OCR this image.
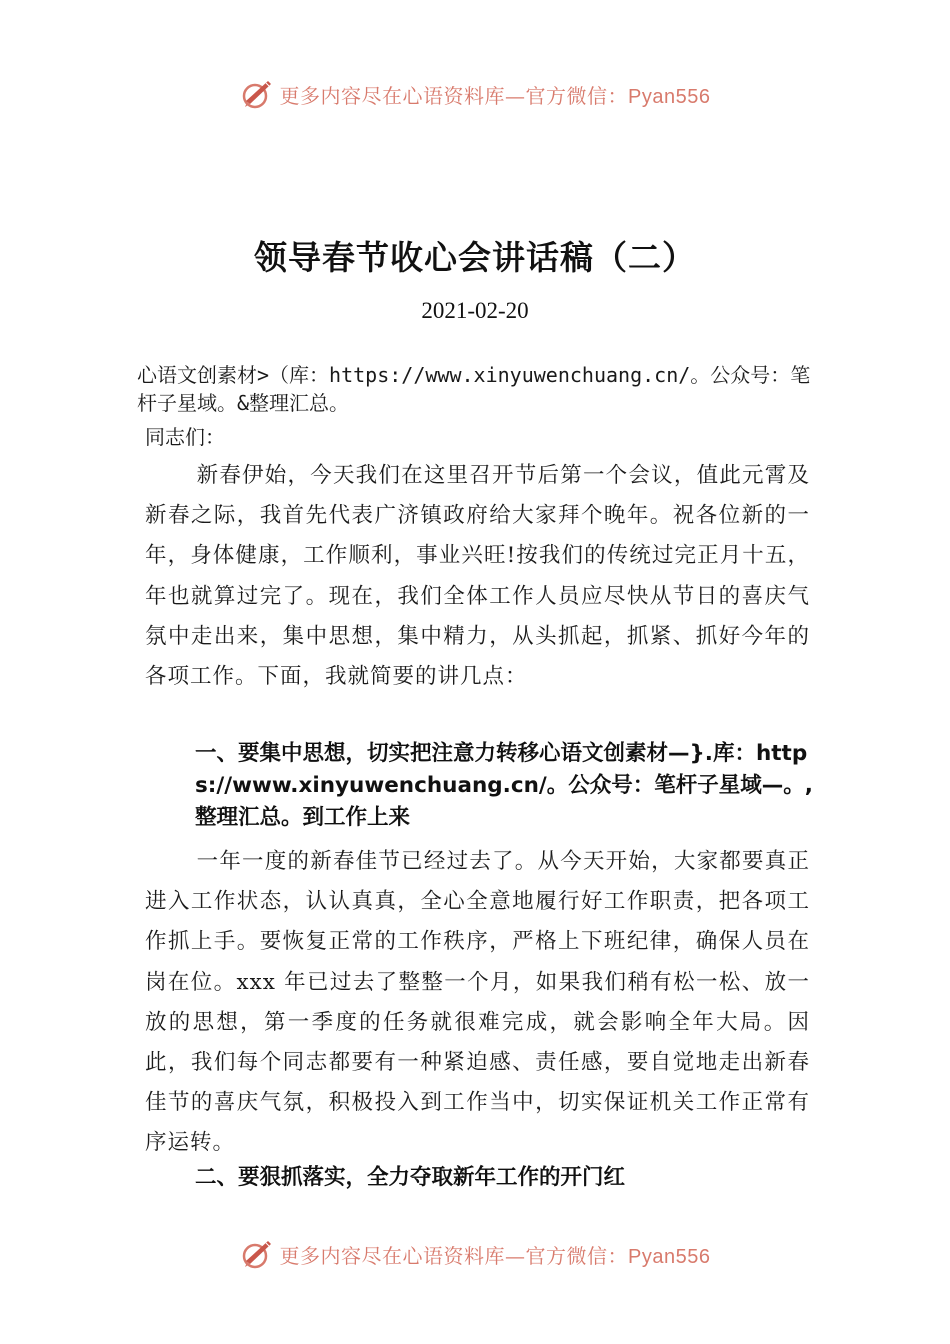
更多内容尽在心语资料库—官方微信：Pyan556
领导春节收心会讲话稿（二）
2021-02-20

心语文创素材>（库：https://www.xinyuwenchuang.cn/。公众号：笔杆子星域。&整理汇总。

同志们：

新春伊始，今天我们在这里召开节后第一个会议，值此元霄及新春之际，我首先代表广济镇政府给大家拜个晚年。祝各位新的一年，身体健康，工作顺利，事业兴旺!按我们的传统过完正月十五，年也就算过完了。现在，我们全体工作人员应尽快从节日的喜庆气氛中走出来，集中思想，集中精力，从头抓起，抓紧、抓好今年的各项工作。下面，我就简要的讲几点：

一、要集中思想，切实把注意力转移心语文创素材—}.库：https://www.xinyuwenchuang.cn/。公众号：笔杆子星域—。,整理汇总。到工作上来

一年一度的新春佳节已经过去了。从今天开始，大家都要真正进入工作状态，认认真真，全心全意地履行好工作职责，把各项工作抓上手。要恢复正常的工作秩序，严格上下班纪律，确保人员在岗在位。xxx 年已过去了整整一个月，如果我们稍有松一松、放一放的思想，第一季度的任务就很难完成，就会影响全年大局。因此，我们每个同志都要有一种紧迫感、责任感，要自觉地走出新春佳节的喜庆气氛，积极投入到工作当中，切实保证机关工作正常有序运转。

二、要狠抓落实，全力夺取新年工作的开门红

更多内容尽在心语资料库—官方微信：Pyan556
